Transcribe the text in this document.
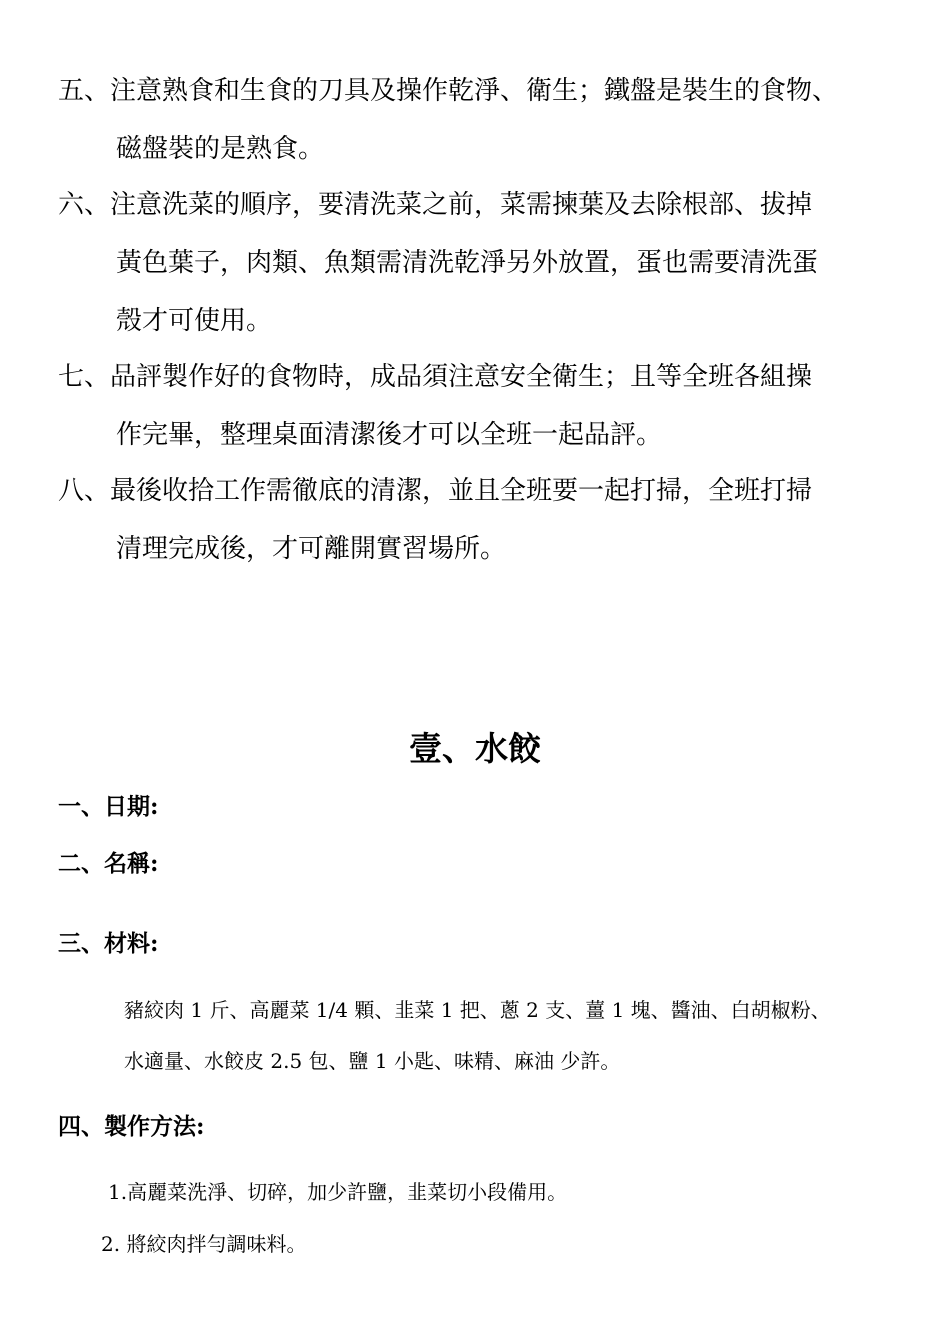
五、注意熟食和生食的刀具及操作乾淨、衛生；鐵盤是裝生的食物、
磁盤裝的是熟食。
六、注意洗菜的順序，要清洗菜之前，菜需揀葉及去除根部、拔掉
黃色葉子，肉類、魚類需清洗乾淨另外放置，蛋也需要清洗蛋
殼才可使用。
七、品評製作好的食物時，成品須注意安全衛生；且等全班各組操
作完畢，整理桌面清潔後才可以全班一起品評。
八、最後收拾工作需徹底的清潔，並且全班要一起打掃，全班打掃
清理完成後，才可離開實習場所。
壹、水餃
一、日期:
二、名稱:
三、材料:
豬絞肉 1 斤、高麗菜 1/4 顆、韭菜 1 把、蔥 2 支、薑 1 塊、醬油、白胡椒粉、
水適量、水餃皮 2.5 包、鹽 1 小匙、味精、麻油 少許。
四、製作方法:
1.高麗菜洗淨、切碎，加少許鹽，韭菜切小段備用。
2. 將絞肉拌勻調味料。
